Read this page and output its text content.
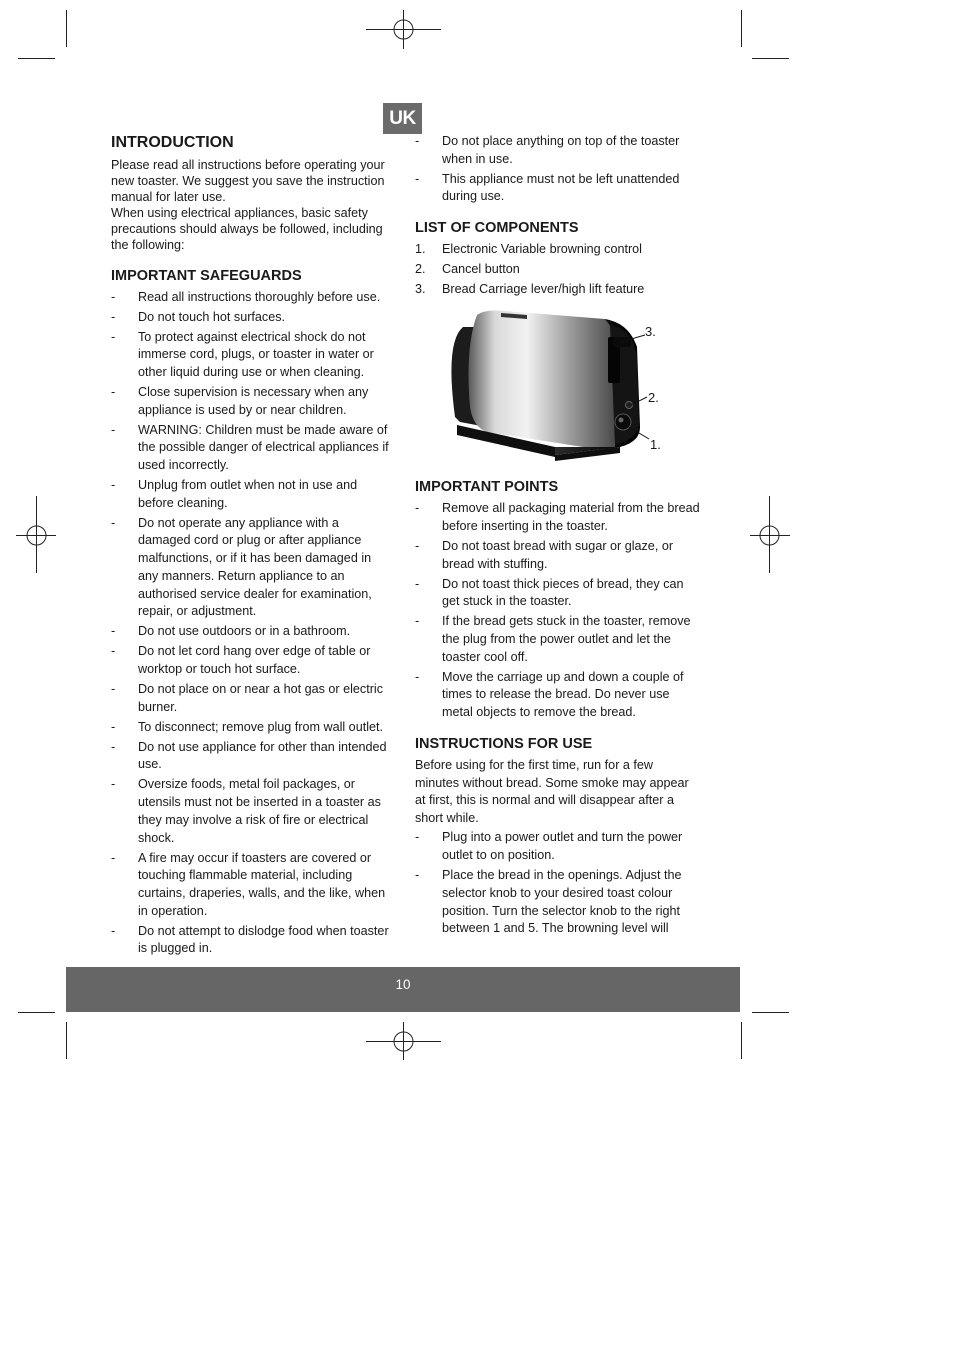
UK
INTRODUCTION

Please read all instructions before operating your

new toaster. We suggest you save the instruction

manual for later use.

When using electrical appliances, basic safety

precautions should always be followed, including

the following:

IMPORTANT SAFEGUARDS
- Read all instructions thoroughly before use.
- Do not touch hot surfaces.
- To protect against electrical shock do not immerse cord, plugs, or toaster in water or other liquid during use or when cleaning.
- Close supervision is necessary when any appliance is used by or near children.
- WARNING: Children must be made aware of the possible danger of electrical appliances if used incorrectly.
- Unplug from outlet when not in use and before cleaning.
- Do not operate any appliance with a damaged cord or plug or after appliance malfunctions, or if it has been damaged in any manners. Return appliance to an authorised service dealer for examination, repair, or adjustment.
- Do not use outdoors or in a bathroom.
- Do not let cord hang over edge of table or worktop or touch hot surface.
- Do not place on or near a hot gas or electric burner.
- To disconnect; remove plug from wall outlet.
- Do not use appliance for other than intended use.
- Oversize foods, metal foil packages, or utensils must not be inserted in a toaster as they may involve a risk of fire or electrical shock.
- A fire may occur if toasters are covered or touching flammable material, including curtains, draperies, walls, and the like, when in operation.
- Do not attempt to dislodge food when toaster is plugged in.
- Do not place anything on top of the toaster when in use.
- This appliance must not be left unattended during use.
LIST OF COMPONENTS
1. Electronic Variable browning control
2. Cancel button
3. Bread Carriage lever/high lift feature
3.
2.
1.
IMPORTANT POINTS
- Remove all packaging material from the bread before inserting in the toaster.
- Do not toast bread with sugar or glaze, or bread with stuffing.
- Do not toast thick pieces of bread, they can get stuck in the toaster.
- If the bread gets stuck in the toaster, remove the plug from the power outlet and let the toaster cool off.
- Move the carriage up and down a couple of times to release the bread. Do never use metal objects to remove the bread.
INSTRUCTIONS FOR USE

Before using for the first time, run for a few

minutes without bread. Some smoke may appear

at first, this is normal and will disappear after a

short while.

- Plug into a power outlet and turn the power outlet to on position.
- Place the bread in the openings. Adjust the selector knob to your desired toast colour position. Turn the selector knob to the right between 1 and 5. The browning level will
10
